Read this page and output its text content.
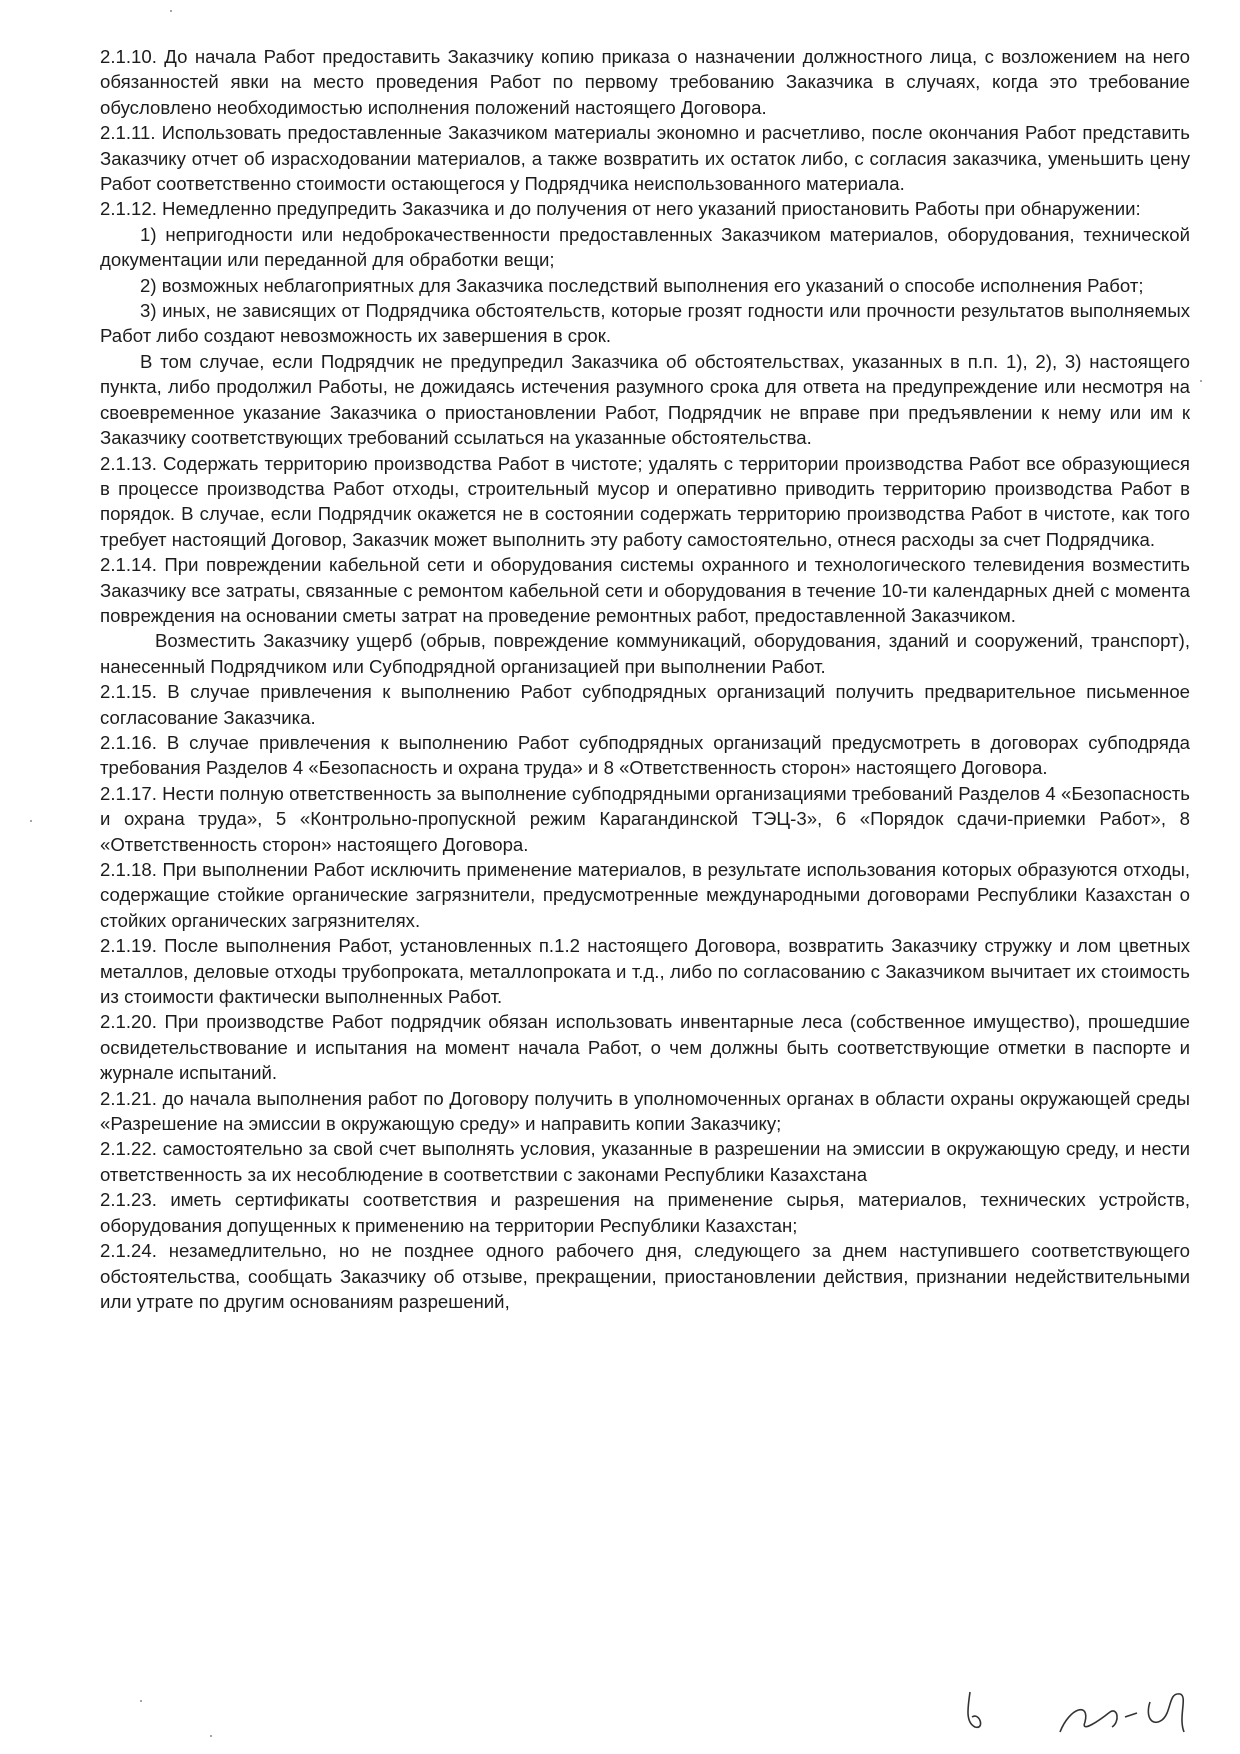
2.1.10. До начала Работ предоставить Заказчику копию приказа о назначении должностного лица, с возложением на него обязанностей явки на место проведения Работ по первому требованию Заказчика в случаях, когда это требование обусловлено необходимостью исполнения положений настоящего Договора.

2.1.11. Использовать предоставленные Заказчиком материалы экономно и расчетливо, после окончания Работ представить Заказчику отчет об израсходовании материалов, а также возвратить их остаток либо, с согласия заказчика, уменьшить цену Работ соответственно стоимости остающегося у Подрядчика неиспользованного материала.

2.1.12. Немедленно предупредить Заказчика и до получения от него указаний приостановить Работы при обнаружении:

1) непригодности или недоброкачественности предоставленных Заказчиком материалов, оборудования, технической документации или переданной для обработки вещи;

2) возможных неблагоприятных для Заказчика последствий выполнения его указаний о способе исполнения Работ;

3) иных, не зависящих от Подрядчика обстоятельств, которые грозят годности или прочности результатов выполняемых Работ либо создают невозможность их завершения в срок.

В том случае, если Подрядчик не предупредил Заказчика об обстоятельствах, указанных в п.п. 1), 2), 3) настоящего пункта, либо продолжил Работы, не дожидаясь истечения разумного срока для ответа на предупреждение или несмотря на своевременное указание Заказчика о приостановлении Работ, Подрядчик не вправе при предъявлении к нему или им к Заказчику соответствующих требований ссылаться на указанные обстоятельства.

2.1.13. Содержать территорию производства Работ в чистоте; удалять с территории производства Работ все образующиеся в процессе производства Работ отходы, строительный мусор и оперативно приводить территорию производства Работ в порядок. В случае, если Подрядчик окажется не в состоянии содержать территорию производства Работ в чистоте, как того требует настоящий Договор, Заказчик может выполнить эту работу самостоятельно, отнеся расходы за счет Подрядчика.

2.1.14. При повреждении кабельной сети и оборудования системы охранного и технологического телевидения возместить Заказчику все затраты, связанные с ремонтом кабельной сети и оборудования в течение 10-ти календарных дней с момента повреждения на основании сметы затрат на проведение ремонтных работ, предоставленной Заказчиком.

Возместить Заказчику ущерб (обрыв, повреждение коммуникаций, оборудования, зданий и сооружений, транспорт), нанесенный Подрядчиком или Субподрядной организацией при выполнении Работ.

2.1.15. В случае привлечения к выполнению Работ субподрядных организаций получить предварительное письменное согласование Заказчика.

2.1.16. В случае привлечения к выполнению Работ субподрядных организаций предусмотреть в договорах субподряда требования Разделов 4 «Безопасность и охрана труда» и 8 «Ответственность сторон» настоящего Договора.

2.1.17. Нести полную ответственность за выполнение субподрядными организациями требований Разделов 4 «Безопасность и охрана труда», 5 «Контрольно-пропускной режим Карагандинской ТЭЦ-3», 6 «Порядок сдачи-приемки Работ», 8 «Ответственность сторон» настоящего Договора.

2.1.18. При выполнении Работ исключить применение материалов, в результате использования которых образуются отходы, содержащие стойкие органические загрязнители, предусмотренные международными договорами Республики Казахстан о стойких органических загрязнителях.

2.1.19. После выполнения Работ, установленных п.1.2 настоящего Договора, возвратить Заказчику стружку и лом цветных металлов, деловые отходы трубопроката, металлопроката и т.д., либо по согласованию с Заказчиком вычитает их стоимость из стоимости фактически выполненных Работ.

2.1.20. При производстве Работ подрядчик обязан использовать инвентарные леса (собственное имущество), прошедшие освидетельствование и испытания на момент начала Работ, о чем должны быть соответствующие отметки в паспорте и журнале испытаний.

2.1.21. до начала выполнения работ по Договору получить в уполномоченных органах в области охраны окружающей среды «Разрешение на эмиссии в окружающую среду» и направить копии Заказчику;

2.1.22. самостоятельно за свой счет выполнять условия, указанные в разрешении на эмиссии в окружающую среду, и нести ответственность за их несоблюдение в соответствии с законами Республики Казахстана

2.1.23. иметь сертификаты соответствия и разрешения на применение сырья, материалов, технических устройств, оборудования допущенных к применению на территории Республики Казахстан;

2.1.24. незамедлительно, но не позднее одного рабочего дня, следующего за днем наступившего соответствующего обстоятельства, сообщать Заказчику об отзыве, прекращении, приостановлении действия, признании недействительными или утрате по другим основаниям разрешений,
